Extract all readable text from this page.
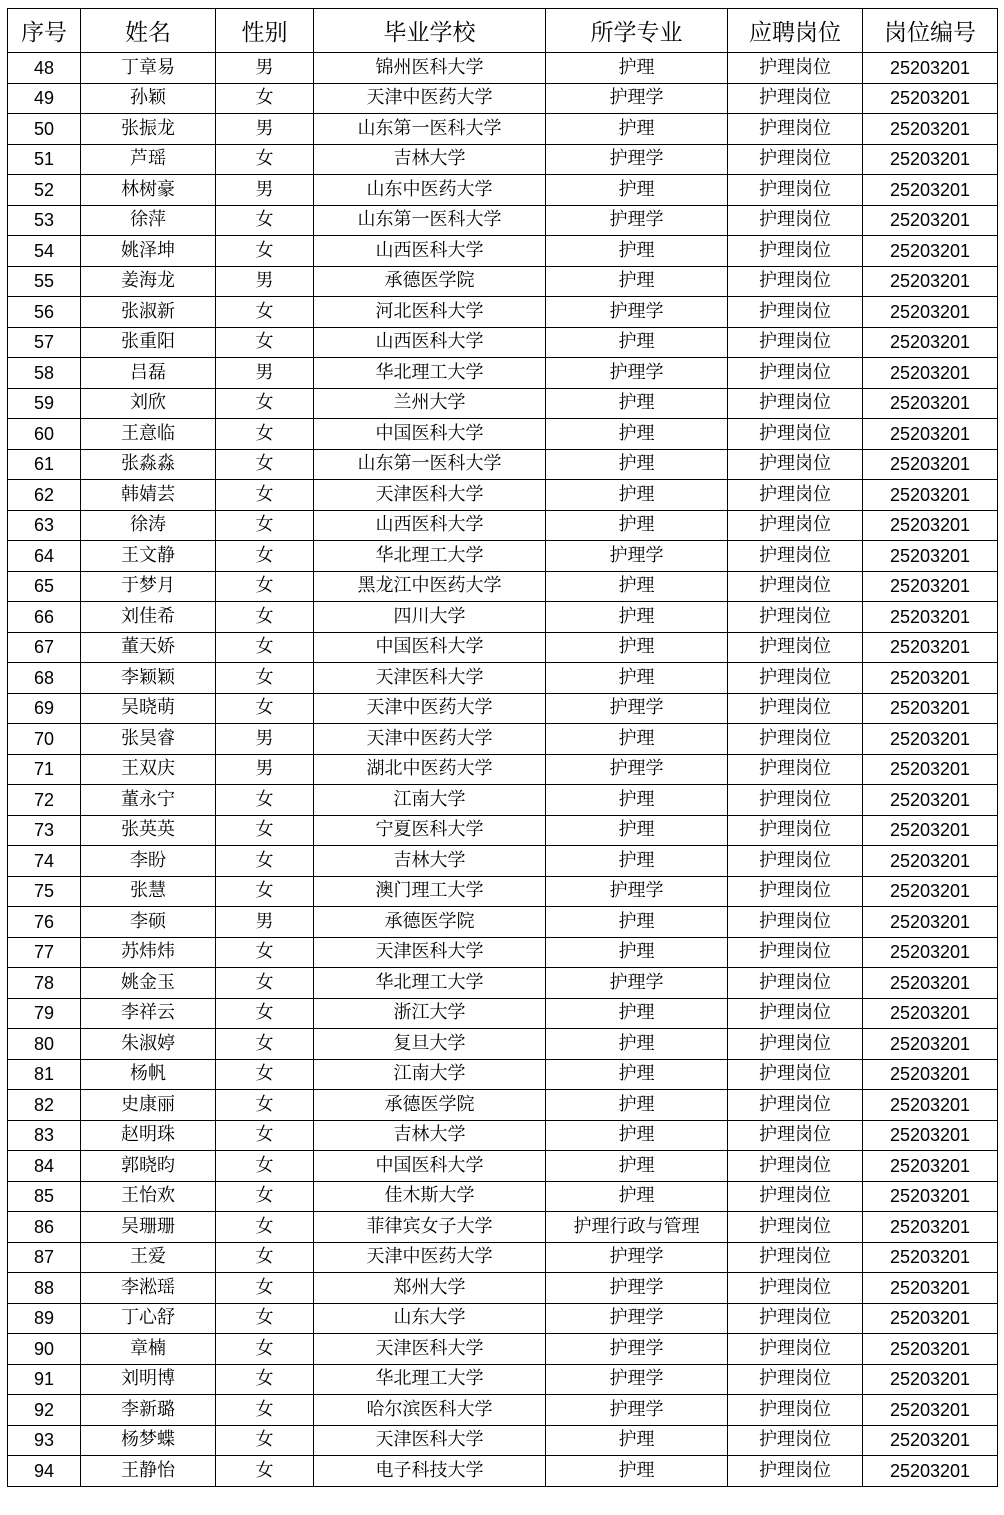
序号	姓名	性别	毕业学校	所学专业	应聘岗位	岗位编号
48	丁章易	男	锦州医科大学	护理	护理岗位	25203201
49	孙颖	女	天津中医药大学	护理学	护理岗位	25203201
50	张振龙	男	山东第一医科大学	护理	护理岗位	25203201
51	芦瑶	女	吉林大学	护理学	护理岗位	25203201
52	林树豪	男	山东中医药大学	护理	护理岗位	25203201
53	徐萍	女	山东第一医科大学	护理学	护理岗位	25203201
54	姚泽坤	女	山西医科大学	护理	护理岗位	25203201
55	姜海龙	男	承德医学院	护理	护理岗位	25203201
56	张淑新	女	河北医科大学	护理学	护理岗位	25203201
57	张重阳	女	山西医科大学	护理	护理岗位	25203201
58	吕磊	男	华北理工大学	护理学	护理岗位	25203201
59	刘欣	女	兰州大学	护理	护理岗位	25203201
60	王意临	女	中国医科大学	护理	护理岗位	25203201
61	张淼淼	女	山东第一医科大学	护理	护理岗位	25203201
62	韩婧芸	女	天津医科大学	护理	护理岗位	25203201
63	徐涛	女	山西医科大学	护理	护理岗位	25203201
64	王文静	女	华北理工大学	护理学	护理岗位	25203201
65	于梦月	女	黑龙江中医药大学	护理	护理岗位	25203201
66	刘佳希	女	四川大学	护理	护理岗位	25203201
67	董天娇	女	中国医科大学	护理	护理岗位	25203201
68	李颖颖	女	天津医科大学	护理	护理岗位	25203201
69	吴晓萌	女	天津中医药大学	护理学	护理岗位	25203201
70	张昊睿	男	天津中医药大学	护理	护理岗位	25203201
71	王双庆	男	湖北中医药大学	护理学	护理岗位	25203201
72	董永宁	女	江南大学	护理	护理岗位	25203201
73	张英英	女	宁夏医科大学	护理	护理岗位	25203201
74	李盼	女	吉林大学	护理	护理岗位	25203201
75	张慧	女	澳门理工大学	护理学	护理岗位	25203201
76	李硕	男	承德医学院	护理	护理岗位	25203201
77	苏炜炜	女	天津医科大学	护理	护理岗位	25203201
78	姚金玉	女	华北理工大学	护理学	护理岗位	25203201
79	李祥云	女	浙江大学	护理	护理岗位	25203201
80	朱淑婷	女	复旦大学	护理	护理岗位	25203201
81	杨帆	女	江南大学	护理	护理岗位	25203201
82	史康丽	女	承德医学院	护理	护理岗位	25203201
83	赵明珠	女	吉林大学	护理	护理岗位	25203201
84	郭晓昀	女	中国医科大学	护理	护理岗位	25203201
85	王怡欢	女	佳木斯大学	护理	护理岗位	25203201
86	吴珊珊	女	菲律宾女子大学	护理行政与管理	护理岗位	25203201
87	王爱	女	天津中医药大学	护理学	护理岗位	25203201
88	李淞瑶	女	郑州大学	护理学	护理岗位	25203201
89	丁心舒	女	山东大学	护理学	护理岗位	25203201
90	章楠	女	天津医科大学	护理学	护理岗位	25203201
91	刘明博	女	华北理工大学	护理学	护理岗位	25203201
92	李新璐	女	哈尔滨医科大学	护理学	护理岗位	25203201
93	杨梦蝶	女	天津医科大学	护理	护理岗位	25203201
94	王静怡	女	电子科技大学	护理	护理岗位	25203201
